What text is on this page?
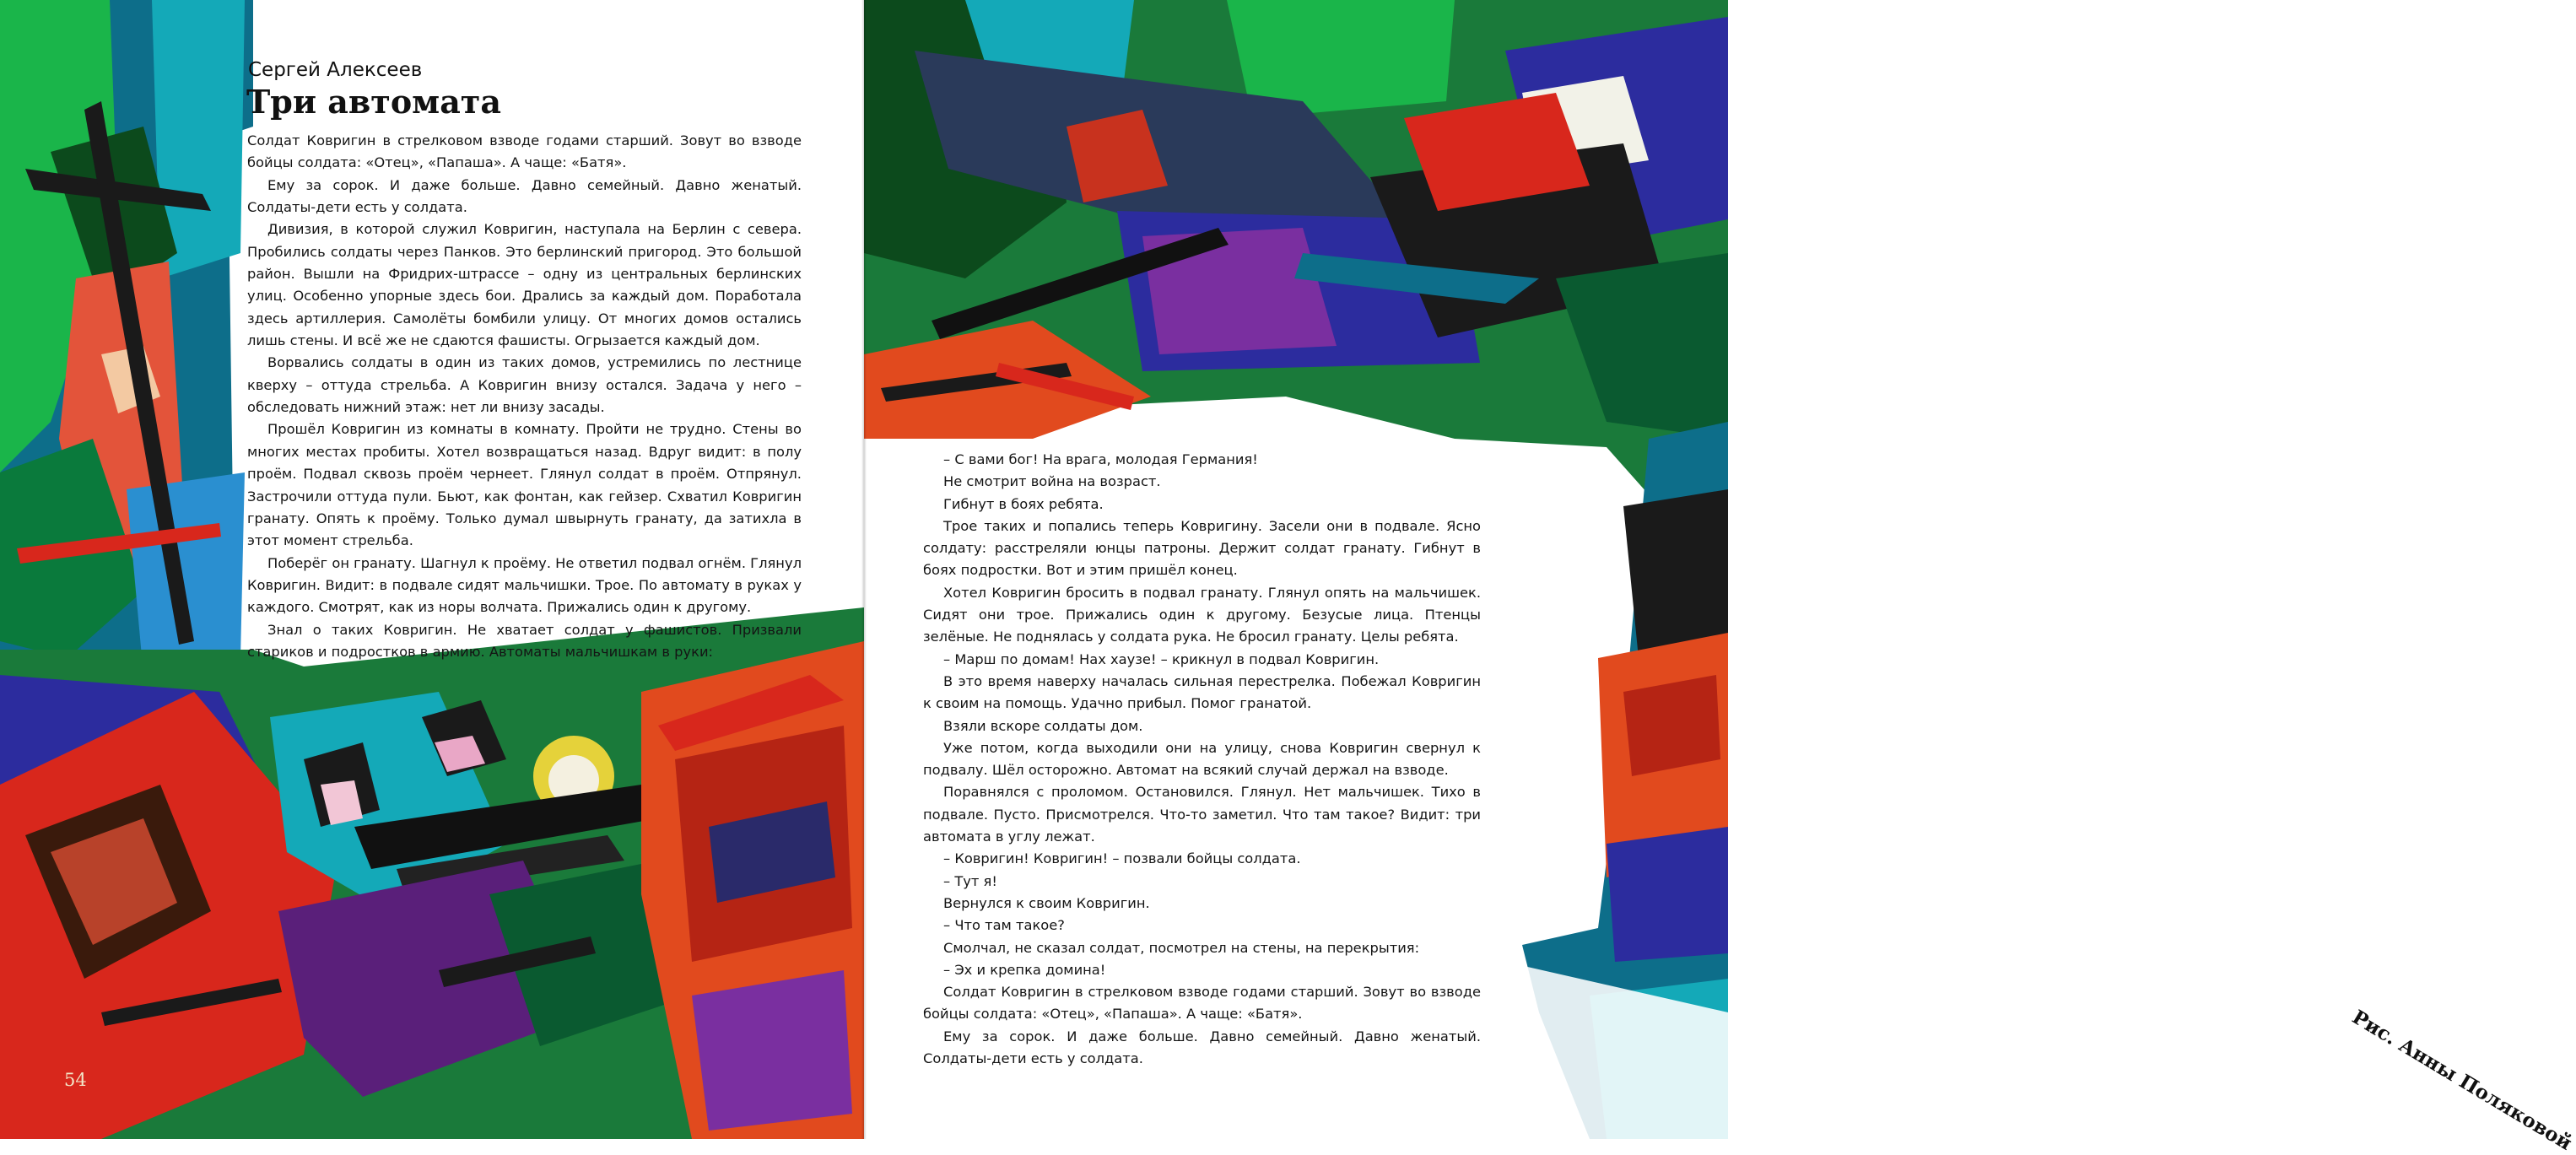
Сергей Алексеев

Три автомата

Солдат Ковригин в стрелковом взводе годами старший. Зовут во взводе бойцы солдата: «Отец», «Папаша». А чаще: «Батя».

Ему за сорок. И даже больше. Давно семейный. Давно женатый. Солдаты-дети есть у солдата.

Дивизия, в которой служил Ковригин, наступала на Берлин с севера. Пробились солдаты через Панков. Это берлинский пригород. Это большой район. Вышли на Фридрих-штрассе – одну из центральных берлинских улиц. Особенно упорные здесь бои. Дрались за каждый дом. Поработала здесь артиллерия. Самолёты бомбили улицу. От многих домов остались лишь стены. И всё же не сдаются фашисты. Огрызается каждый дом.

Ворвались солдаты в один из таких домов, устремились по лестнице кверху – оттуда стрельба. А Ковригин внизу остался. Задача у него – обследовать нижний этаж: нет ли внизу засады.

Прошёл Ковригин из комнаты в комнату. Пройти не трудно. Стены во многих местах пробиты. Хотел возвращаться назад. Вдруг видит: в полу проём. Подвал сквозь проём чернеет. Глянул солдат в проём. Отпрянул. Застрочили оттуда пули. Бьют, как фонтан, как гейзер. Схватил Ковригин гранату. Опять к проёму. Только думал швырнуть гранату, да затихла в этот момент стрельба.

Поберёг он гранату. Шагнул к проёму. Не ответил подвал огнём. Глянул Ковригин. Видит: в подвале сидят мальчишки. Трое. По автомату в руках у каждого. Смотрят, как из норы волчата. Прижались один к другому.

Знал о таких Ковригин. Не хватает солдат у фашистов. Призвали стариков и подростков в армию. Автоматы мальчишкам в руки:

54	Рис. Анны Поляковой

– С вами бог! На врага, молодая Германия!

Не смотрит война на возраст.

Гибнут в боях ребята.

Трое таких и попались теперь Ковригину. Засели они в подвале. Ясно солдату: расстреляли юнцы патроны. Держит солдат гранату. Гибнут в боях подростки. Вот и этим пришёл конец.

Хотел Ковригин бросить в подвал гранату. Глянул опять на мальчишек. Сидят они трое. Прижались один к другому. Безусые лица. Птенцы зелёные. Не поднялась у солдата рука. Не бросил гранату. Целы ребята.

– Марш по домам! Нах хаузе! – крикнул в подвал Ковригин.

В это время наверху началась сильная перестрелка. Побежал Ковригин к своим на помощь. Удачно прибыл. Помог гранатой.

Взяли вскоре солдаты дом.

Уже потом, когда выходили они на улицу, снова Ковригин свернул к подвалу. Шёл осторожно. Автомат на всякий случай держал на взводе.

Поравнялся с проломом. Остановился. Глянул. Нет мальчишек. Тихо в подвале. Пусто. Присмотрелся. Что-то заметил. Что там такое? Видит: три автомата в углу лежат.

– Ковригин! Ковригин! – позвали бойцы солдата.

– Тут я!

Вернулся к своим Ковригин.

– Что там такое?

Смолчал, не сказал солдат, посмотрел на стены, на перекрытия:

– Эх и крепка домина!

Солдат Ковригин в стрелковом взводе годами старший. Зовут во взводе бойцы солдата: «Отец», «Папаша». А чаще: «Батя».

Ему за сорок. И даже больше. Давно семейный. Давно женатый. Солдаты-дети есть у солдата.
